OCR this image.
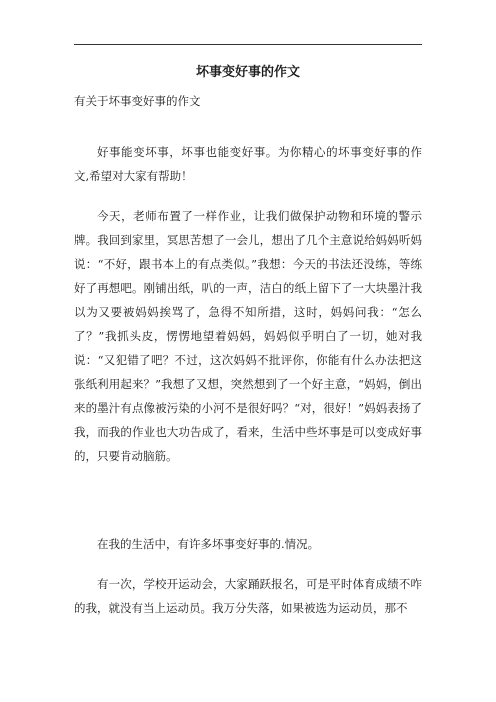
坏事变好事的作文
有关于坏事变好事的作文

好事能变坏事，坏事也能变好事。为你精心的坏事变好事的作文,希望对大家有帮助！

今天，老师布置了一样作业，让我们做保护动物和环境的警示牌。我回到家里，冥思苦想了一会儿，想出了几个主意说给妈妈听妈说：“不好，跟书本上的有点类似。”我想：今天的书法还没练，等练好了再想吧。刚铺出纸，叭的一声，洁白的纸上留下了一大块墨汁我以为又要被妈妈挨骂了，急得不知所措，这时，妈妈问我：“怎么了？”我抓头皮，愣愣地望着妈妈，妈妈似乎明白了一切，她对我说：“又犯错了吧？不过，这次妈妈不批评你，你能有什么办法把这张纸利用起来？”我想了又想，突然想到了一个好主意，“妈妈，倒出来的墨汁有点像被污染的小河不是很好吗？“对，很好！”妈妈表扬了我，而我的作业也大功告成了，看来，生活中些坏事是可以变成好事的，只要肯动脑筋。

在我的生活中，有许多坏事变好事的.情况。

有一次，学校开运动会，大家踊跃报名，可是平时体育成绩不咋的我，就没有当上运动员。我万分失落，如果被选为运动员，那不
